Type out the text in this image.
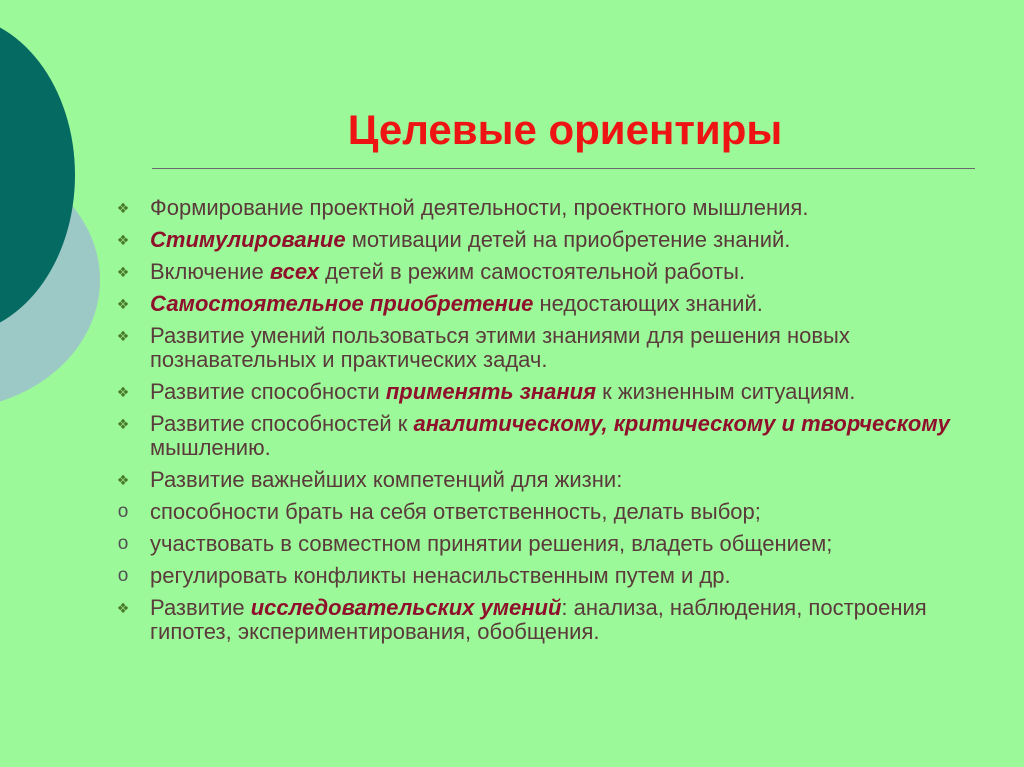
Целевые ориентиры
❖ Формирование проектной деятельности, проектного мышления.
❖ Стимулирование мотивации детей на приобретение знаний.
❖ Включение всех детей в режим самостоятельной работы.
❖ Самостоятельное приобретение недостающих знаний.
❖ Развитие умений пользоваться этими знаниями для решения новых познавательных и практических задач.
❖ Развитие способности применять знания к жизненным ситуациям.
❖ Развитие способностей к аналитическому, критическому и творческому мышлению.
❖ Развитие важнейших компетенций для жизни:
o способности брать на себя ответственность, делать выбор;
o участвовать в совместном принятии решения, владеть общением;
o регулировать конфликты ненасильственным путем и др.
❖ Развитие исследовательских умений: анализа, наблюдения, построения гипотез, экспериментирования, обобщения.
